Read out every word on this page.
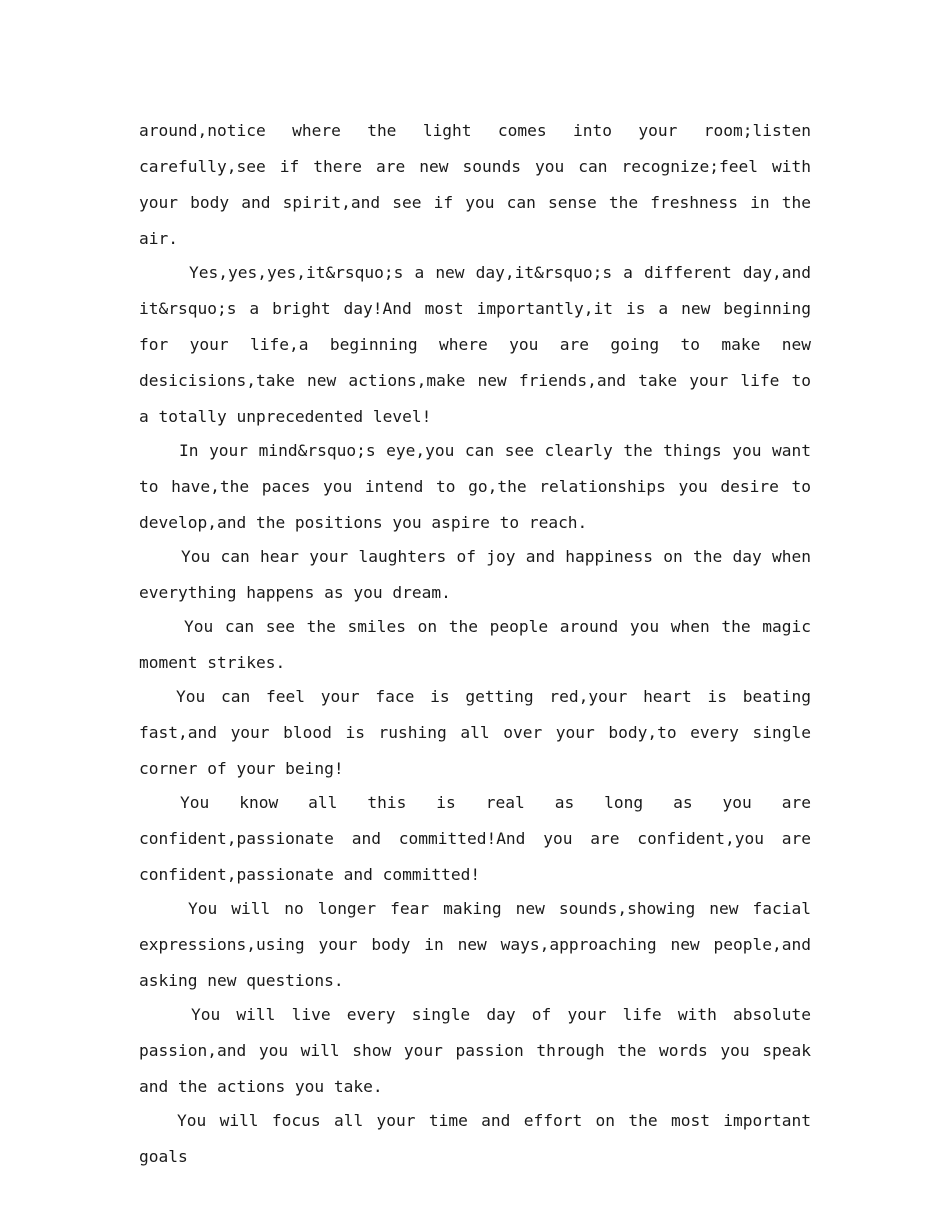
around,notice where the light comes into your room;listen carefully,see if there are new sounds you can recognize;feel with your body and spirit,and see if you can sense the freshness in the air.

Yes,yes,yes,it&rsquo;s a new day,it&rsquo;s a different day,and it&rsquo;s a bright day!And most importantly,it is a new beginning for your life,a beginning where you are going to make new desicisions,take new actions,make new friends,and take your life to a totally unprecedented level!

In your mind&rsquo;s eye,you can see clearly the things you want to have,the paces you intend to go,the relationships you desire to develop,and the positions you aspire to reach.

You can hear your laughters of joy and happiness on the day when everything happens as you dream.

You can see the smiles on the people around you when the magic moment strikes.

You can feel your face is getting red,your heart is beating fast,and your blood is rushing all over your body,to every single corner of your being!

You know all this is real as long as you are confident,passionate and committed!And you are confident,you are confident,passionate and committed!

You will no longer fear making new sounds,showing new facial expressions,using your body in new ways,approaching new people,and asking new questions.

You will live every single day of your life with absolute passion,and you will show your passion through the words you speak and the actions you take.

You will focus all your time and effort on the most important goals
